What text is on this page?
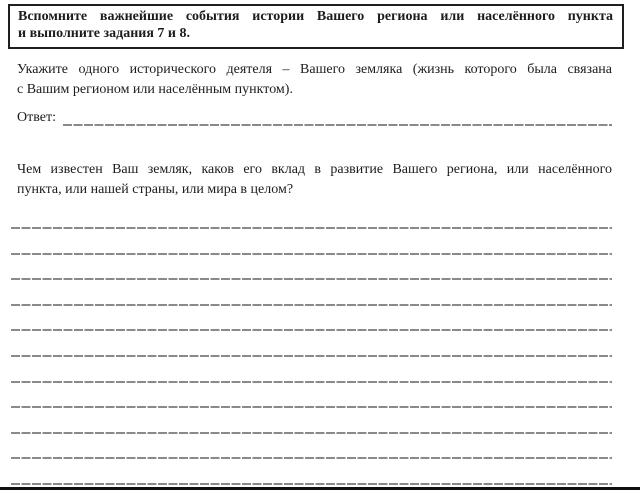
Вспомните важнейшие события истории Вашего региона или населённого пункта
и выполните задания 7 и 8.
Укажите одного исторического деятеля – Вашего земляка (жизнь которого была связана
с Вашим регионом или населённым пунктом).
Ответ:
Чем известен Ваш земляк, каков его вклад в развитие Вашего региона, или населённого
пункта, или нашей страны, или мира в целом?
